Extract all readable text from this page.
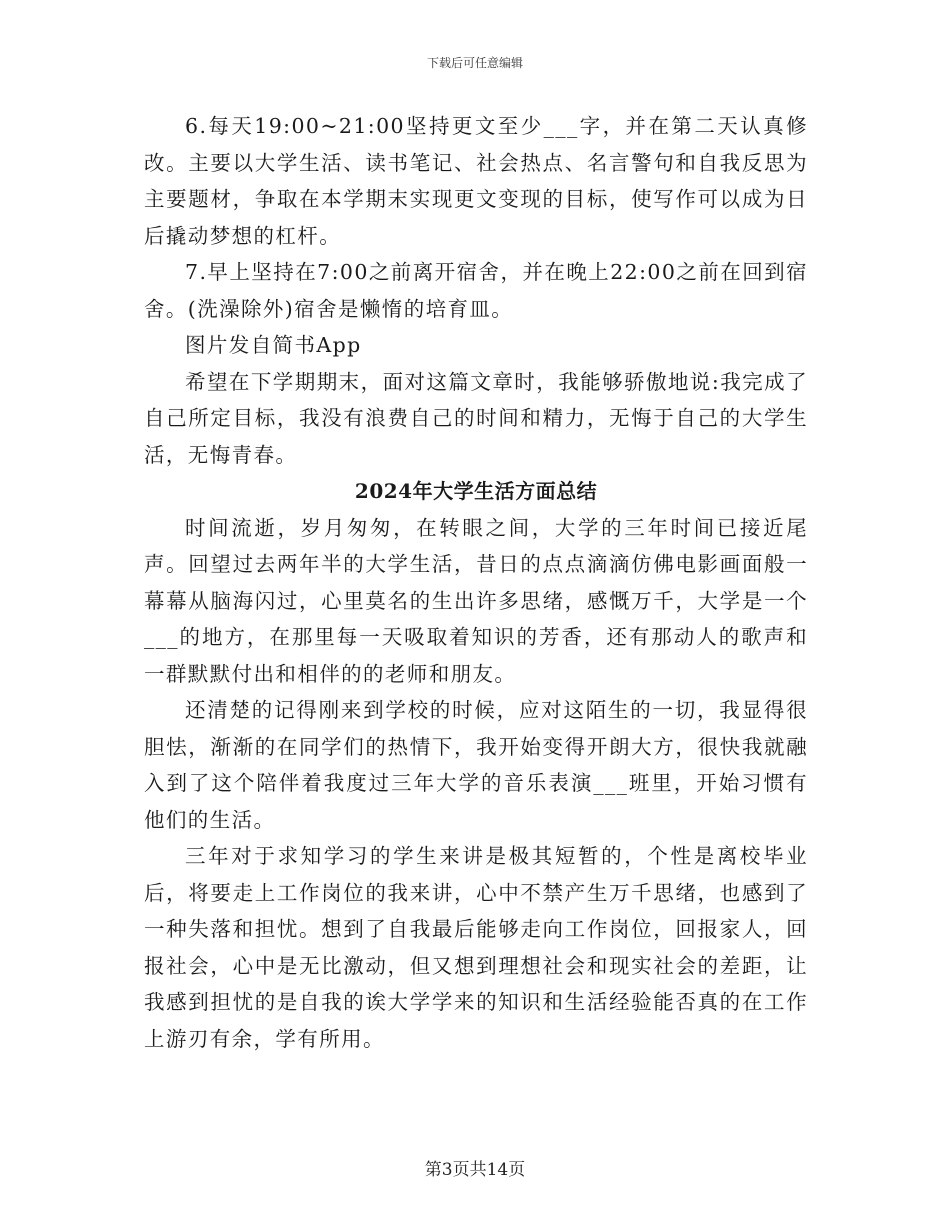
下载后可任意编辑

6.每天19:00~21:00坚持更文至少___字，并在第二天认真修改。主要以大学生活、读书笔记、社会热点、名言警句和自我反思为主要题材，争取在本学期末实现更文变现的目标，使写作可以成为日后撬动梦想的杠杆。

7.早上坚持在7:00之前离开宿舍，并在晚上22:00之前在回到宿舍。(洗澡除外)宿舍是懒惰的培育皿。

图片发自简书App

希望在下学期期末，面对这篇文章时，我能够骄傲地说:我完成了自己所定目标，我没有浪费自己的时间和精力，无悔于自己的大学生活，无悔青春。

2024年大学生活方面总结

时间流逝，岁月匆匆，在转眼之间，大学的三年时间已接近尾声。回望过去两年半的大学生活，昔日的点点滴滴仿佛电影画面般一幕幕从脑海闪过，心里莫名的生出许多思绪，感慨万千，大学是一个___的地方，在那里每一天吸取着知识的芳香，还有那动人的歌声和一群默默付出和相伴的的老师和朋友。

还清楚的记得刚来到学校的时候，应对这陌生的一切，我显得很胆怯，渐渐的在同学们的热情下，我开始变得开朗大方，很快我就融入到了这个陪伴着我度过三年大学的音乐表演___班里，开始习惯有他们的生活。

三年对于求知学习的学生来讲是极其短暂的，个性是离校毕业后，将要走上工作岗位的我来讲，心中不禁产生万千思绪，也感到了一种失落和担忧。想到了自我最后能够走向工作岗位，回报家人，回报社会，心中是无比激动，但又想到理想社会和现实社会的差距，让我感到担忧的是自我的诶大学学来的知识和生活经验能否真的在工作上游刃有余，学有所用。

第3页共14页
